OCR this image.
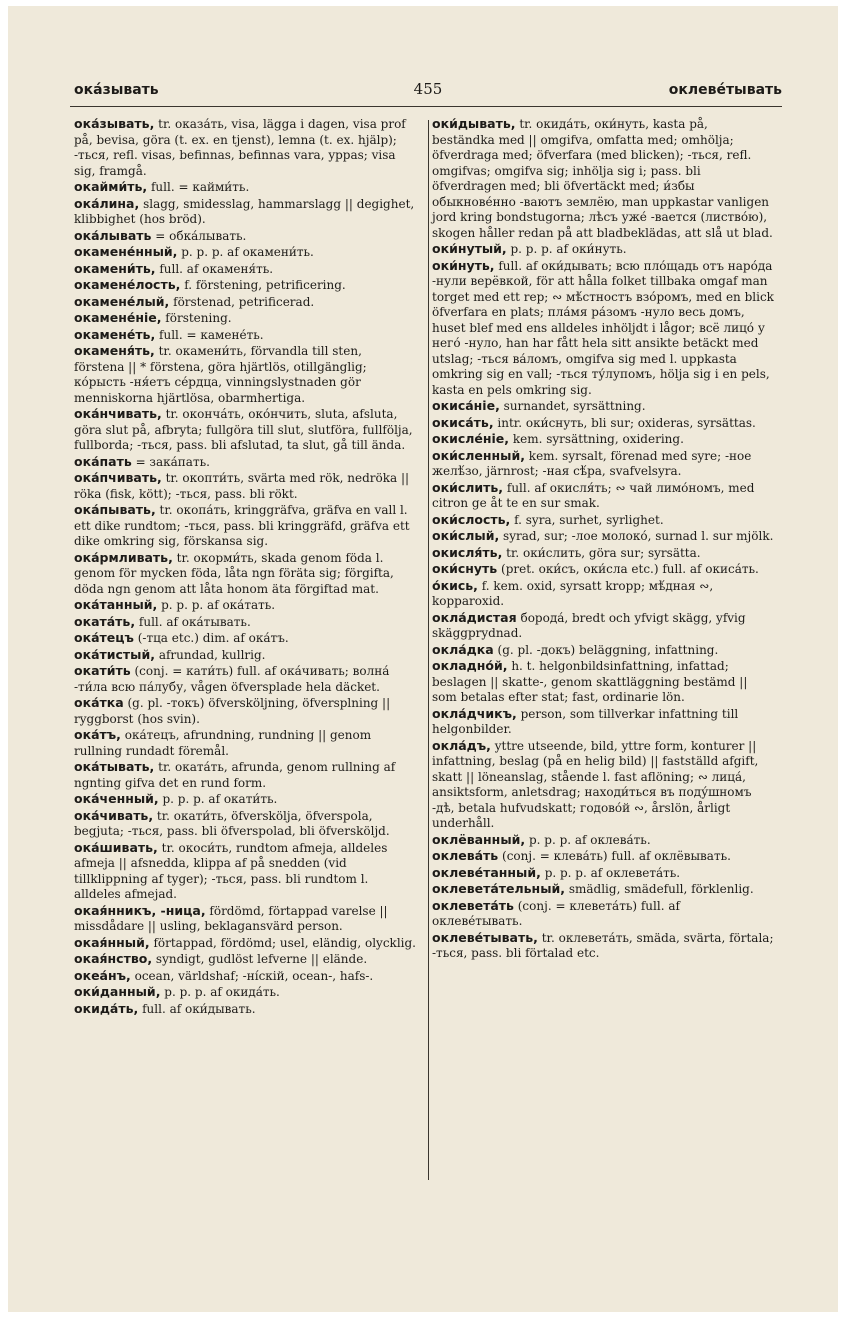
ока́зывать	455	оклеве́тывать

ока́зывать, tr. оказа́ть, visa, lägga i dagen, visa prof på, bevisa, göra (t. ex. en tjenst), lemna (t. ex. hjälp); -ться, refl. visas, befinnas, befinnas vara, yppas; visa sig, framgå.

окайми́ть, full. = кайми́ть.

ока́лина, slagg, smidesslag, hammarslagg || degighet, klibbighet (hos bröd).

ока́лывать = обка́лывать.

окамене́нный, p. p. p. af окамени́ть.

окамени́ть, full. af окаменя́ть.

окамене́лость, f. förstening, petrificering.

окамене́лый, förstenad, petrificerad.

окамене́ніе, förstening.

окамене́ть, full. = камене́ть.

окаменя́ть, tr. окамени́ть, förvandla till sten, förstena || * förstena, göra hjärtlös, otillgänglig; ко́рысть -ня́етъ се́рдца, vinningslystnaden gör menniskorna hjärtlösa, obarmhertiga.

ока́нчивать, tr. окончáть, око́нчить, sluta, afsluta, göra slut på, afbryta; fullgöra till slut, slutföra, fullfölja, fullborda; -ться, pass. bli afslutad, ta slut, gå till ända.

ока́пать = зака́пать.

ока́пчивать, tr. окопти́ть, svärta med rök, nedröka || röka (fisk, kött); -ться, pass. bli rökt.

ока́пывать, tr. окопа́ть, kringgräfva, gräfva en vall l. ett dike rundtom; -ться, pass. bli kringgräfd, gräfva ett dike omkring sig, förskansa sig.

ока́рмливать, tr. окорми́ть, skada genom föda l. genom för mycken föda, låta ngn föräta sig; förgifta, döda ngn genom att låta honom äta förgiftad mat.

ока́танный, p. p. p. af ока́тать.

оката́ть, full. af ока́тывать.

ока́тецъ (-тца etc.) dim. af ока́тъ.

ока́тистый, afrundad, kullrig.

окати́ть (conj. = кати́ть) full. af ока́чивать; волна́ -ти́ла всю па́лубу, vågen öfversplade hela däcket.

ока́тка (g. pl. -токъ) öfversköljning, öfversplning || ryggborst (hos svin).

ока́тъ, ока́тецъ, afrundning, rundning || genom rullning rundadt föremål.

ока́тывать, tr. оката́ть, afrunda, genom rullning af ngnting gifva det en rund form.

ока́ченный, p. p. p. af окати́ть.

ока́чивать, tr. окати́ть, öfversköljа, öfverspola, begjuta; -ться, pass. bli öfverspolad, bli öfversköljd.

ока́шивать, tr. окоси́ть, rundtom afmeja, alldeles afmeja || afsnedda, klippa af på snedden (vid tillklippning af tyger); -ться, pass. bli rundtom l. alldeles afmejad.

окая́нникъ, -ница, fördömd, förtappad varelse || missdådare || usling, beklagansvärd person.

окая́нный, förtappad, fördömd; usel, eländig, olycklig.

окая́нство, syndigt, gudlöst lefverne || elände.

океа́нъ, ocean, världshaf; -ні́скій, ocean-, hafs-.

оки́данный, p. p. p. af окида́ть.

окида́ть, full. af оки́дывать.

оки́дывать, tr. окида́ть, оки́нуть, kasta på, beständka med || omgifva, omfatta med; omhölja; öfverdraga med; öfverfara (med blicken); -ться, refl. omgifvas; omgifva sig; inhölja sig i; pass. bli öfverdragen med; bli öfvertäckt med; и́збы обыкнове́нно -ваютъ землёю, man uppkastar vanligen jord kring bondstugorna; лѣсъ уже́ -вается (листво́ю), skogen håller redan på att bladbeklädas, att slå ut blad.

оки́нутый, p. p. p. af оки́нуть.

оки́нуть, full. af оки́дывать; всю пло́щадь отъ наро́да -нули верёвкой, för att hålla folket tillbaka omgaf man torget med ett rep; ∾ мѣ́стностъ взо́ромъ, med en blick öfverfara en plats; пла́мя ра́зомъ -нуло весь домъ, huset blef med ens alldeles inhöljdt i lågor; всё лицо́ у него́ -нуло, han har fått hela sitt ansikte betäckt med utslag; -ться ва́ломъ, omgifva sig med l. uppkasta omkring sig en vall; -ться ту́лупомъ, hölja sig i en pels, kasta en pels omkring sig.

окиса́ніе, surnandet, syrsättning.

окиса́ть, intr. оки́снуть, bli sur; oxideras, syrsättas.

окисле́ніе, kem. syrsättning, oxidering.

оки́сленный, kem. syrsalt, förenad med syre; -ное желѣ́зо, järnrost; -ная сѣ́ра, svafvelsyra.

оки́слить, full. af окисля́ть; ∾ чай лимо́номъ, med citron ge åt te en sur smak.

оки́слость, f. syra, surhet, syrlighet.

оки́слый, syrad, sur; -лое молоко́, surnad l. sur mjölk.

окисля́ть, tr. оки́слить, göra sur; syrsätta.

оки́снуть (pret. оки́съ, оки́сла etc.) full. af окиса́ть.

о́кись, f. kem. oxid, syrsatt kropp; мѣ́дная ∾, kopparoxid.

окла́дистая борода́, bredt och yfvigt skägg, yfvig skäggprydnad.

окла́дка (g. pl. -докъ) beläggning, infattning.

окладно́й, h. t. helgonbildsinfattning, infattad; beslagen || skatte-, genom skattläggning bestämd || som betalas efter stat; fast, ordinarie lön.

окла́дчикъ, person, som tillverkar infattning till helgonbilder.

окла́дъ, yttre utseende, bild, yttre form, konturer || infattning, beslag (på en helig bild) || fastställd afgift, skatt || löneanslag, stående l. fast aflöning; ∾ лица́, ansiktsform, anletsdrag; находи́ться въ поду́шномъ -дѣ, betala hufvudskatt; годово́й ∾, årslön, årligt underhåll.

оклёванный, p. p. p. af оклева́ть.

оклева́ть (conj. = клева́ть) full. af оклёвывать.

оклеве́танный, p. p. p. af оклевета́ть.

оклевета́тельный, smädlig, smädefull, förklenlig.

оклевета́ть (conj. = клевета́ть) full. af оклеве́тывать.

оклеве́тывать, tr. оклевета́ть, smäda, svärta, förtala; -ться, pass. bli förtalad etc.
